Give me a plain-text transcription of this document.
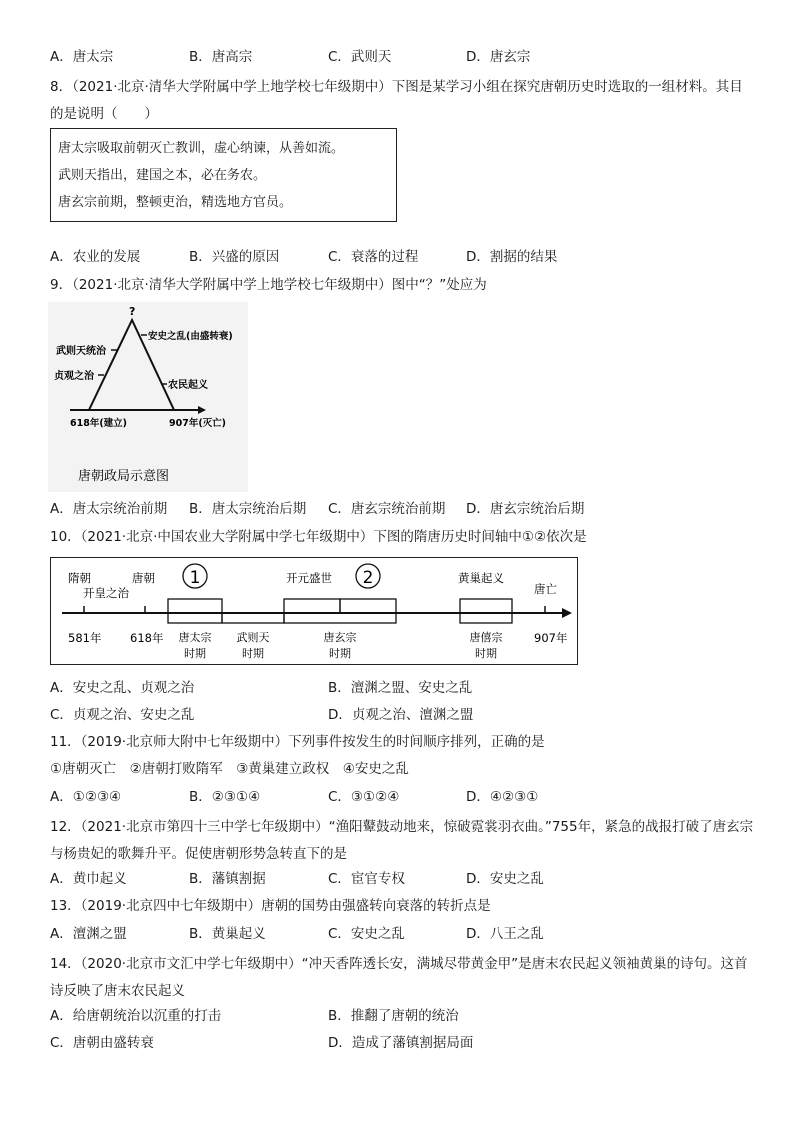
A．唐太宗	B．唐高宗	C．武则天	D．唐玄宗
8．（2021·北京·清华大学附属中学上地学校七年级期中）下图是某学习小组在探究唐朝历史时选取的一组材料。其目的是说明（　　）
唐太宗吸取前朝灭亡教训，虚心纳谏，从善如流。
武则天指出，建国之本，必在务农。
唐玄宗前期，整顿吏治，精选地方官员。
A．农业的发展	B．兴盛的原因	C．衰落的过程	D．割据的结果
9．（2021·北京·清华大学附属中学上地学校七年级期中）图中“？”处应为
?
安史之乱(由盛转衰)
武则天统治
贞观之治
农民起义
618年(建立)	907年(灭亡)
唐朝政局示意图
A．唐太宗统治前期 B．唐太宗统治后期 C．唐玄宗统治前期 D．唐玄宗统治后期
10．（2021·北京·中国农业大学附属中学七年级期中）下图的隋唐历史时间轴中①②依次是
隋朝
开皇之治
唐朝	开元盛世	黄巢起义
唐亡
1	2
581年 618年	907年
唐太宗
时期
武则天
时期
唐玄宗
时期
唐僖宗
时期
A．安史之乱、贞观之治	B．澶渊之盟、安史之乱
C．贞观之治、安史之乱	D．贞观之治、澶渊之盟
11．（2019·北京师大附中七年级期中）下列事件按发生的时间顺序排列，正确的是
①唐朝灭亡　②唐朝打败隋军　③黄巢建立政权　④安史之乱
A．①②③④	B．②③①④	C．③①②④	D．④②③①
12．（2021·北京市第四十三中学七年级期中）“渔阳鼙鼓动地来，惊破霓裳羽衣曲。”755年，紧急的战报打破了唐玄宗与杨贵妃的歌舞升平。促使唐朝形势急转直下的是
A．黄巾起义	B．藩镇割据	C．宦官专权	D．安史之乱
13．（2019·北京四中七年级期中）唐朝的国势由强盛转向衰落的转折点是
A．澶渊之盟	B．黄巢起义	C．安史之乱	D．八王之乱
14．（2020·北京市文汇中学七年级期中）“冲天香阵透长安，满城尽带黄金甲”是唐末农民起义领袖黄巢的诗句。这首诗反映了唐末农民起义
A．给唐朝统治以沉重的打击	B．推翻了唐朝的统治
C．唐朝由盛转衰	D．造成了藩镇割据局面
